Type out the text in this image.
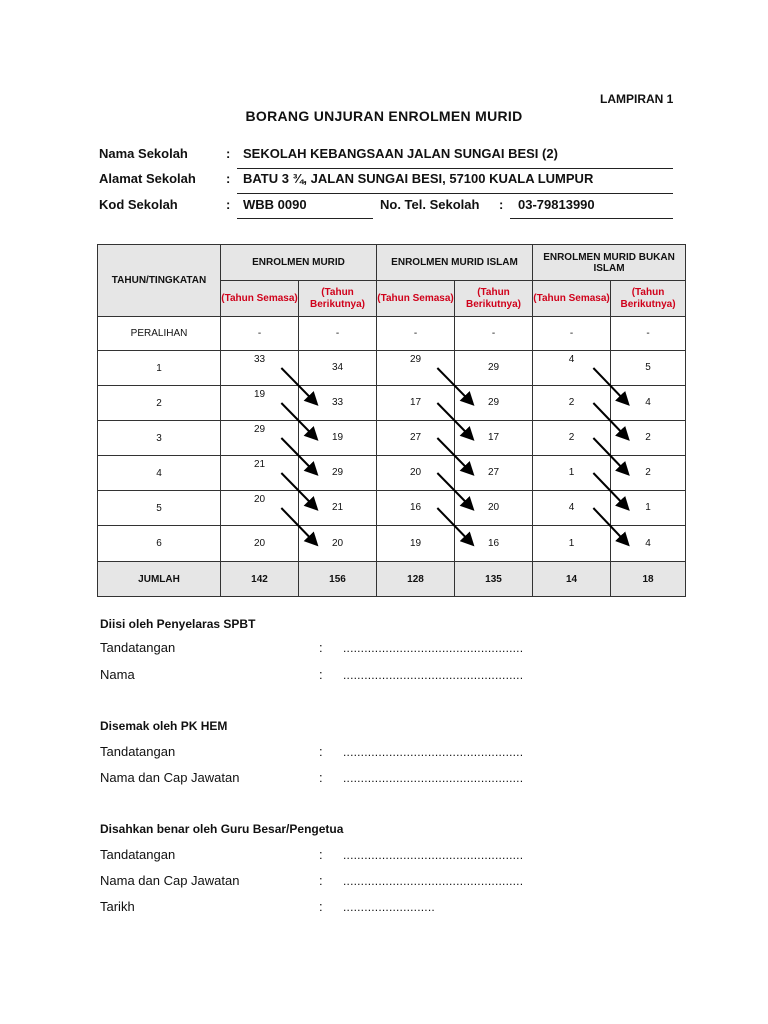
LAMPIRAN 1
BORANG UNJURAN ENROLMEN MURID
Nama Sekolah	: SEKOLAH KEBANGSAAN JALAN SUNGAI BESI (2)
Alamat Sekolah : BATU 3 ¾, JALAN SUNGAI BESI, 57100 KUALA LUMPUR
Kod Sekolah	: WBB 0090	No. Tel. Sekolah : 03-79813990
TAHUN/TINGKATAN	ENROLMEN MURID		ENROLMEN MURID ISLAM		ENROLMEN MURID BUKAN ISLAM	
	(Tahun Semasa)	(Tahun Berikutnya)	(Tahun Semasa)	(Tahun Berikutnya)	(Tahun Semasa)	(Tahun Berikutnya)
PERALIHAN	-	-	-	-	-	-
1	33	34	29	29	4	5
2	19	33	17	29	2	4
3	29	19	27	17	2	2
4	21	29	20	27	1	2
5	20	21	16	20	4	1
6	20	20	19	16	1	4
JUMLAH	142	156	128	135	14	18
Diisi oleh Penyelaras SPBT
Tandatangan	: ...................................................
Nama	: ...................................................
Disemak oleh PK HEM
Tandatangan	: ...................................................
Nama dan Cap Jawatan	: ...................................................
Disahkan benar oleh Guru Besar/Pengetua
Tandatangan	: ...................................................
Nama dan Cap Jawatan	: ...................................................
Tarikh	: ..........................
